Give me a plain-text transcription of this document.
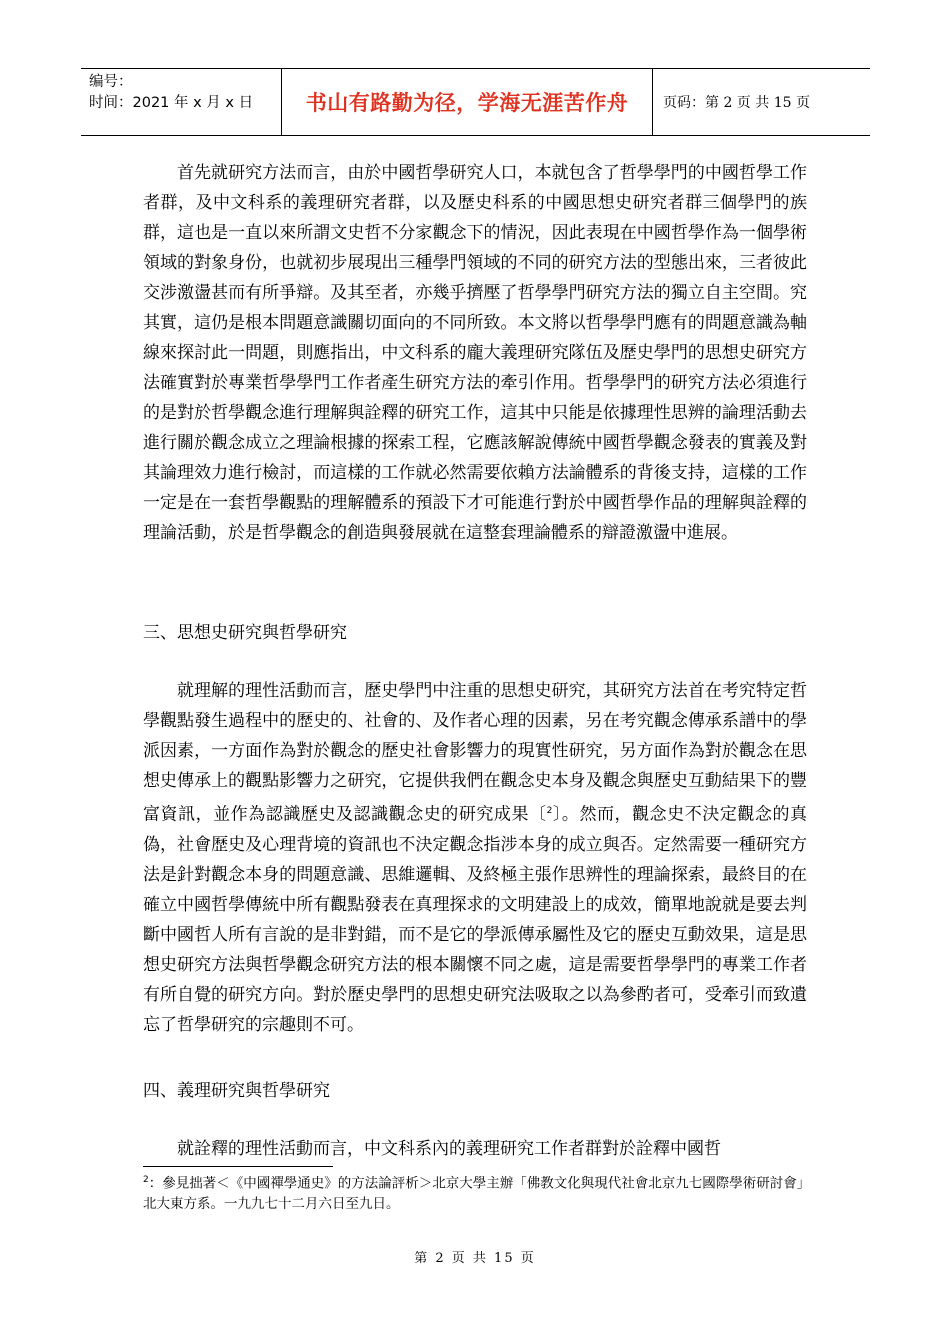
编号：
时间：2021 年 x 月 x 日	书山有路勤为径，学海无涯苦作舟	页码：第 2 页 共 15 页

首先就研究方法而言，由於中國哲學研究人口，本就包含了哲學學門的中國哲學工作者群，及中文科系的義理研究者群，以及歷史科系的中國思想史研究者群三個學門的族群，這也是一直以來所謂文史哲不分家觀念下的情況，因此表現在中國哲學作為一個學術領域的對象身份，也就初步展現出三種學門領域的不同的研究方法的型態出來，三者彼此交涉激盪甚而有所爭辯。及其至者，亦幾乎擠壓了哲學學門研究方法的獨立自主空間。究其實，這仍是根本問題意識關切面向的不同所致。本文將以哲學學門應有的問題意識為軸線來探討此一問題，則應指出，中文科系的龐大義理研究隊伍及歷史學門的思想史研究方法確實對於專業哲學學門工作者產生研究方法的牽引作用。哲學學門的研究方法必須進行的是對於哲學觀念進行理解與詮釋的研究工作，這其中只能是依據理性思辨的論理活動去進行關於觀念成立之理論根據的探索工程，它應該解說傳統中國哲學觀念發表的實義及對其論理效力進行檢討，而這樣的工作就必然需要依賴方法論體系的背後支持，這樣的工作一定是在一套哲學觀點的理解體系的預設下才可能進行對於中國哲學作品的理解與詮釋的理論活動，於是哲學觀念的創造與發展就在這整套理論體系的辯證激盪中進展。

三、思想史研究與哲學研究

就理解的理性活動而言，歷史學門中注重的思想史研究，其研究方法首在考究特定哲學觀點發生過程中的歷史的、社會的、及作者心理的因素，另在考究觀念傳承系譜中的學派因素，一方面作為對於觀念的歷史社會影響力的現實性研究，另方面作為對於觀念在思想史傳承上的觀點影響力之研究，它提供我們在觀念史本身及觀念與歷史互動結果下的豐富資訊，並作為認識歷史及認識觀念史的研究成果〔$^2$〕。然而，觀念史不決定觀念的真偽，社會歷史及心理背境的資訊也不決定觀念指涉本身的成立與否。定然需要一種研究方法是針對觀念本身的問題意識、思維邏輯、及終極主張作思辨性的理論探索，最終目的在確立中國哲學傳統中所有觀點發表在真理探求的文明建設上的成效，簡單地說就是要去判斷中國哲人所有言說的是非對錯，而不是它的學派傳承屬性及它的歷史互動效果，這是思想史研究方法與哲學觀念研究方法的根本關懷不同之處，這是需要哲學學門的專業工作者有所自覺的研究方向。對於歷史學門的思想史研究法吸取之以為參酌者可，受牽引而致遺忘了哲學研究的宗趣則不可。

四、義理研究與哲學研究

就詮釋的理性活動而言，中文科系內的義理研究工作者群對於詮釋中國哲

$^2$：參見拙著＜《中國禪學通史》的方法論評析＞北京大學主辦「佛教文化與現代社會北京九七國際學術研討會」北大東方系。一九九七十二月六日至九日。

第 2 页 共 15 页
